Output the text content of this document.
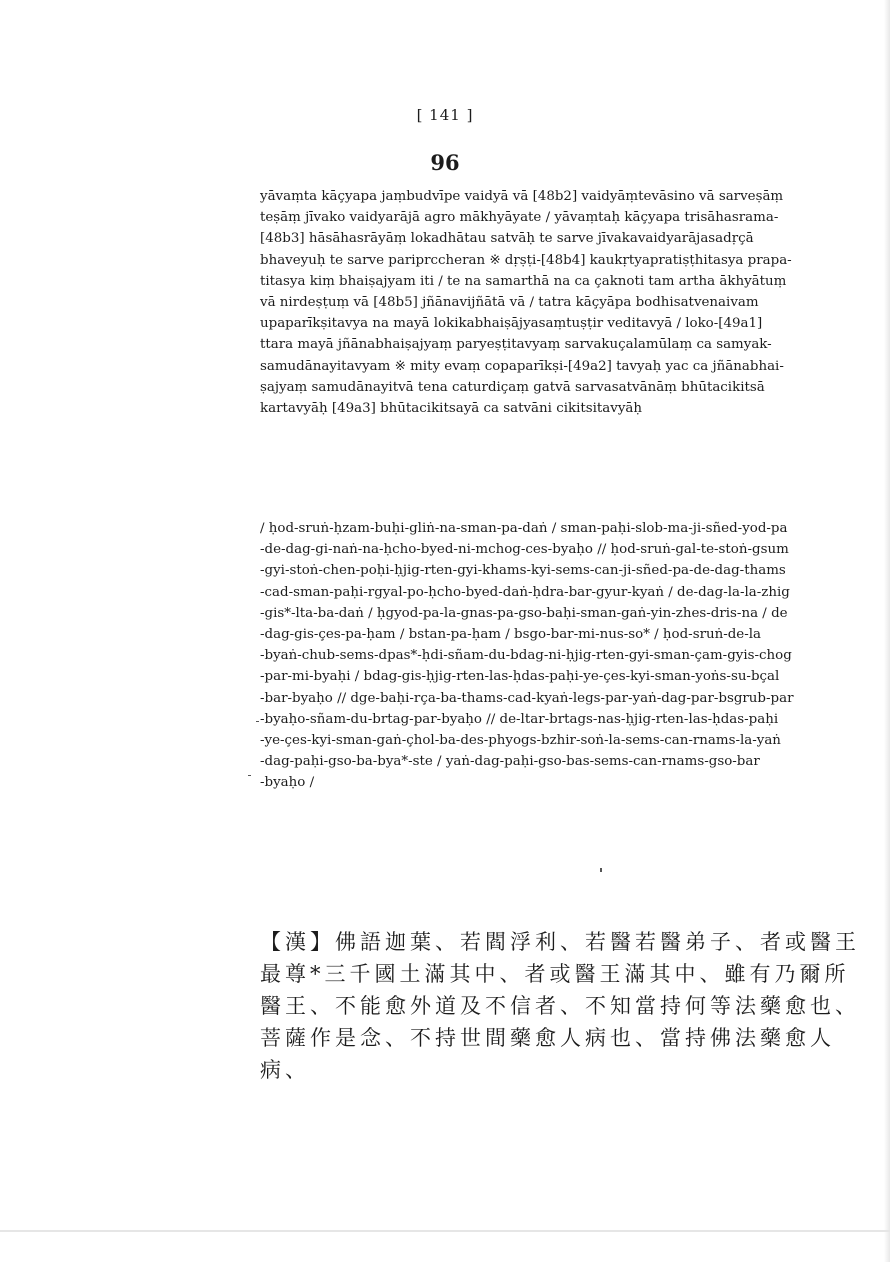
[ 141 ]
96
yāvaṃta kāçyapa jaṃbudvīpe vaidyā vā [48b2] vaidyāṃtevāsino vā sarveṣāṃ
teṣāṃ jīvako vaidyarājā agro mākhyāyate / yāvaṃtaḥ kāçyapa trisāhasrama-
[48b3] hāsāhasrāyāṃ lokadhātau satvāḥ te sarve jīvakavaidyarājasadṛçā
bhaveyuḥ te sarve pariprccheran ※ dṛṣṭi-[48b4] kaukṛtyapratiṣṭhitasya prapa-
titasya kiṃ bhaiṣajyam iti / te na samarthā na ca çaknoti tam artha ākhyātuṃ
vā nirdeṣṭuṃ vā [48b5] jñānavijñātā vā / tatra kāçyāpa bodhisatvenaivam
upaparīkṣitavya na mayā lokikabhaiṣājyasaṃtuṣṭir veditavyā / loko-[49a1]
ttara mayā jñānabhaiṣajyaṃ paryeṣṭitavyaṃ sarvakuçalamūlaṃ ca samyak-
samudānayitavyam ※ mity evaṃ copaparīkṣi-[49a2] tavyaḥ yac ca jñānabhai-
ṣajyaṃ samudānayitvā tena caturdiçaṃ gatvā sarvasatvānāṃ bhūtacikitsā
kartavyāḥ [49a3] bhūtacikitsayā ca satvāni cikitsitavyāḥ
/ ḥod-sruṅ-ḥzam-buḥi-gliṅ-na-sman-pa-daṅ / sman-paḥi-slob-ma-ji-sñed-yod-pa
-de-dag-gi-naṅ-na-ḥcho-byed-ni-mchog-ces-byaḥo // ḥod-sruṅ-gal-te-stoṅ-gsum
-gyi-stoṅ-chen-poḥi-ḥjig-rten-gyi-khams-kyi-sems-can-ji-sñed-pa-de-dag-thams
-cad-sman-paḥi-rgyal-po-ḥcho-byed-daṅ-ḥdra-bar-gyur-kyaṅ / de-dag-la-la-zhig
-gis*-lta-ba-daṅ / ḥgyod-pa-la-gnas-pa-gso-baḥi-sman-gaṅ-yin-zhes-dris-na / de
-dag-gis-çes-pa-ḥam / bstan-pa-ḥam / bsgo-bar-mi-nus-so* / ḥod-sruṅ-de-la
-byaṅ-chub-sems-dpas*-ḥdi-sñam-du-bdag-ni-ḥjig-rten-gyi-sman-çam-gyis-chog
-par-mi-byaḥi / bdag-gis-ḥjig-rten-las-ḥdas-paḥi-ye-çes-kyi-sman-yoṅs-su-bçal
-bar-byaḥo // dge-baḥi-rça-ba-thams-cad-kyaṅ-legs-par-yaṅ-dag-par-bsgrub-par
-byaḥo-sñam-du-brtag-par-byaḥo // de-ltar-brtags-nas-ḥjig-rten-las-ḥdas-paḥi
-ye-çes-kyi-sman-gaṅ-çhol-ba-des-phyogs-bzhir-soṅ-la-sems-can-rnams-la-yaṅ
-dag-paḥi-gso-ba-bya*-ste / yaṅ-dag-paḥi-gso-bas-sems-can-rnams-gso-bar
-byaḥo /
【漢】佛語迦葉、若閻浮利、若醫若醫弟子、者或醫王
最尊*三千國土滿其中、者或醫王滿其中、雖有乃爾所
醫王、不能愈外道及不信者、不知當持何等法藥愈也、
菩薩作是念、不持世間藥愈人病也、當持佛法藥愈人
病、
